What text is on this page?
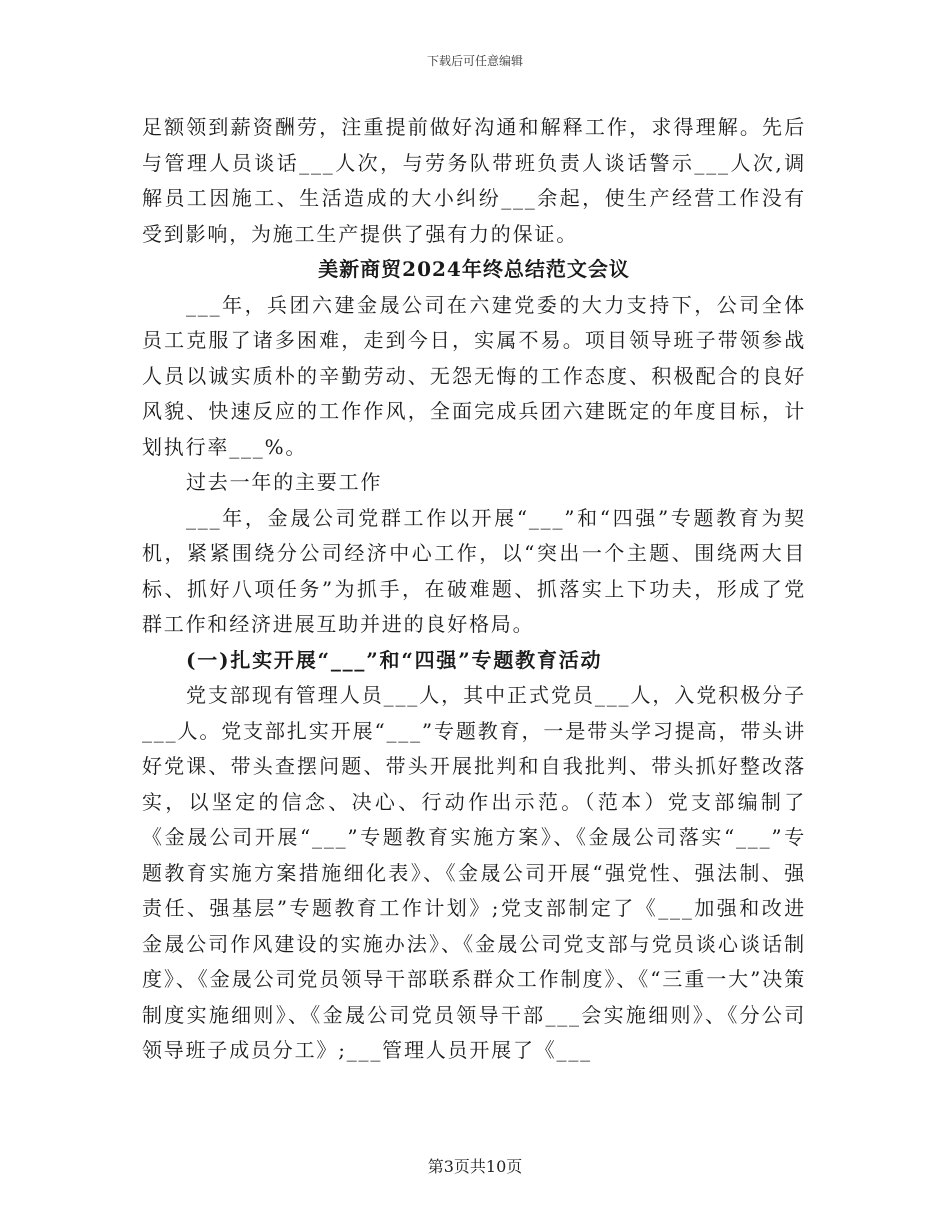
下载后可任意编辑

足额领到薪资酬劳，注重提前做好沟通和解释工作，求得理解。先后与管理人员谈话___人次，与劳务队带班负责人谈话警示___人次,调解员工因施工、生活造成的大小纠纷___余起，使生产经营工作没有受到影响，为施工生产提供了强有力的保证。

美新商贸2024年终总结范文会议

___年，兵团六建金晟公司在六建党委的大力支持下，公司全体员工克服了诸多困难，走到今日，实属不易。项目领导班子带领参战人员以诚实质朴的辛勤劳动、无怨无悔的工作态度、积极配合的良好风貌、快速反应的工作作风，全面完成兵团六建既定的年度目标，计划执行率___%。

过去一年的主要工作

___年，金晟公司党群工作以开展“___”和“四强”专题教育为契机，紧紧围绕分公司经济中心工作，以“突出一个主题、围绕两大目标、抓好八项任务”为抓手，在破难题、抓落实上下功夫，形成了党群工作和经济进展互助并进的良好格局。

(一)扎实开展“___”和“四强”专题教育活动

党支部现有管理人员___人，其中正式党员___人，入党积极分子___人。党支部扎实开展“___”专题教育，一是带头学习提高，带头讲好党课、带头查摆问题、带头开展批判和自我批判、带头抓好整改落实，以坚定的信念、决心、行动作出示范。（范本）党支部编制了《金晟公司开展“___”专题教育实施方案》、《金晟公司落实“___”专题教育实施方案措施细化表》、《金晟公司开展“强党性、强法制、强责任、强基层”专题教育工作计划》;党支部制定了《___加强和改进金晟公司作风建设的实施办法》、《金晟公司党支部与党员谈心谈话制度》、《金晟公司党员领导干部联系群众工作制度》、《“三重一大”决策制度实施细则》、《金晟公司党员领导干部___会实施细则》、《分公司领导班子成员分工》;___管理人员开展了《___

第3页共10页
